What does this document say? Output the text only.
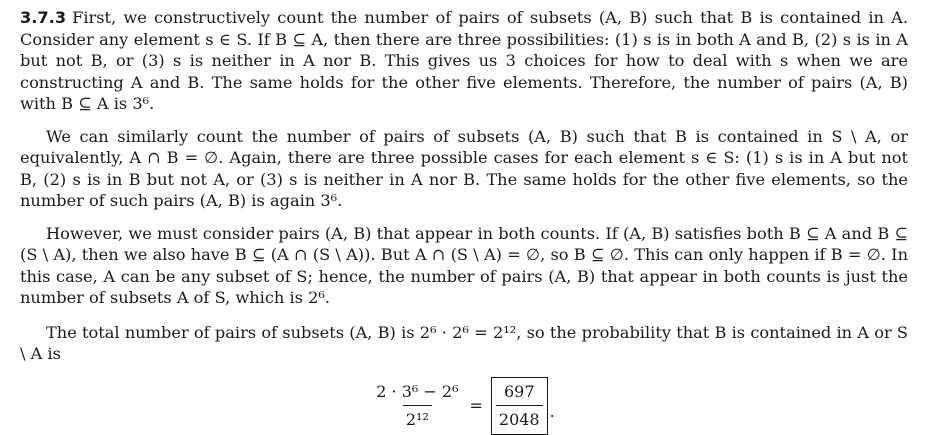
3.7.3 First, we constructively count the number of pairs of subsets (A, B) such that B is contained in A. Consider any element s ∈ S. If B ⊆ A, then there are three possibilities: (1) s is in both A and B, (2) s is in A but not B, or (3) s is neither in A nor B. This gives us 3 choices for how to deal with s when we are constructing A and B. The same holds for the other five elements. Therefore, the number of pairs (A, B) with B ⊆ A is 3⁶.

We can similarly count the number of pairs of subsets (A, B) such that B is contained in S \ A, or equivalently, A ∩ B = ∅. Again, there are three possible cases for each element s ∈ S: (1) s is in A but not B, (2) s is in B but not A, or (3) s is neither in A nor B. The same holds for the other five elements, so the number of such pairs (A, B) is again 3⁶.

However, we must consider pairs (A, B) that appear in both counts. If (A, B) satisfies both B ⊆ A and B ⊆ (S \ A), then we also have B ⊆ (A ∩ (S \ A)). But A ∩ (S \ A) = ∅, so B ⊆ ∅. This can only happen if B = ∅. In this case, A can be any subset of S; hence, the number of pairs (A, B) that appear in both counts is just the number of subsets A of S, which is 2⁶.

The total number of pairs of subsets (A, B) is 2⁶ · 2⁶ = 2¹², so the probability that B is contained in A or S \ A is

$\frac{\text{2 · 3⁶ − 2⁶}}{\text{2¹²}} = \frac{697}{2048}$ .
